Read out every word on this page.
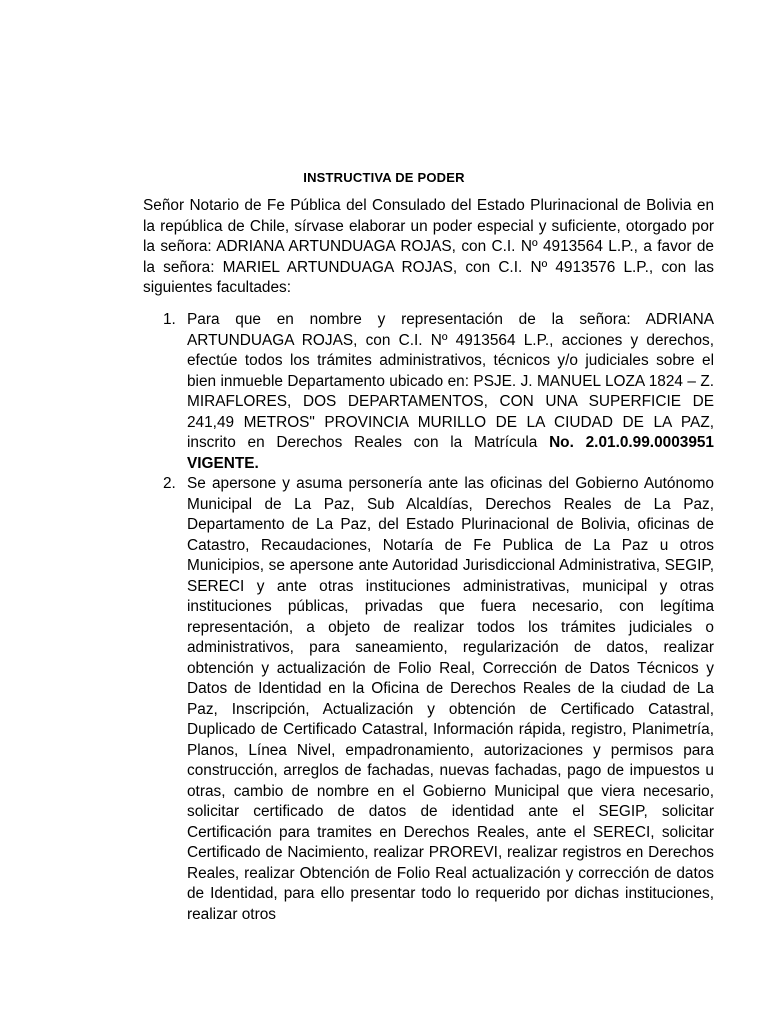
INSTRUCTIVA DE PODER

Señor Notario de Fe Pública del Consulado del Estado Plurinacional de Bolivia en la república de Chile, sírvase elaborar un poder especial y suficiente, otorgado por la señora: ADRIANA ARTUNDUAGA ROJAS, con C.I. Nº 4913564 L.P., a favor de la señora: MARIEL ARTUNDUAGA ROJAS, con C.I. Nº 4913576 L.P., con las siguientes facultades:

1. Para que en nombre y representación de la señora: ADRIANA ARTUNDUAGA ROJAS, con C.I. Nº 4913564 L.P., acciones y derechos, efectúe todos los trámites administrativos, técnicos y/o judiciales sobre el bien inmueble Departamento ubicado en: PSJE. J. MANUEL LOZA 1824 – Z. MIRAFLORES, DOS DEPARTAMENTOS, CON UNA SUPERFICIE DE 241,49 METROS" PROVINCIA MURILLO DE LA CIUDAD DE LA PAZ, inscrito en Derechos Reales con la Matrícula No. 2.01.0.99.0003951 VIGENTE.
2. Se apersone y asuma personería ante las oficinas del Gobierno Autónomo Municipal de La Paz, Sub Alcaldías, Derechos Reales de La Paz, Departamento de La Paz, del Estado Plurinacional de Bolivia, oficinas de Catastro, Recaudaciones, Notaría de Fe Publica de La Paz u otros Municipios, se apersone ante Autoridad Jurisdiccional Administrativa, SEGIP, SERECI y ante otras instituciones administrativas, municipal y otras instituciones públicas, privadas que fuera necesario, con legítima representación, a objeto de realizar todos los trámites judiciales o administrativos, para saneamiento, regularización de datos, realizar obtención y actualización de Folio Real, Corrección de Datos Técnicos y Datos de Identidad en la Oficina de Derechos Reales de la ciudad de La Paz, Inscripción, Actualización y obtención de Certificado Catastral, Duplicado de Certificado Catastral, Información rápida, registro, Planimetría, Planos, Línea Nivel, empadronamiento, autorizaciones y permisos para construcción, arreglos de fachadas, nuevas fachadas, pago de impuestos u otras, cambio de nombre en el Gobierno Municipal que viera necesario, solicitar certificado de datos de identidad ante el SEGIP, solicitar Certificación para tramites en Derechos Reales, ante el SERECI, solicitar Certificado de Nacimiento, realizar PROREVI, realizar registros en Derechos Reales, realizar Obtención de Folio Real actualización y corrección de datos de Identidad, para ello presentar todo lo requerido por dichas instituciones, realizar otros
